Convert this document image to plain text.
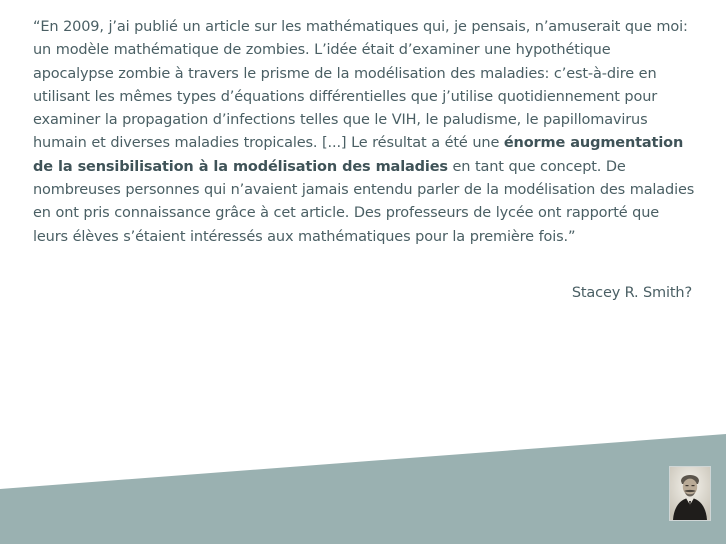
“En 2009, j’ai publié un article sur les mathématiques qui, je pensais, n’amuserait que moi: un modèle mathématique de zombies. L’idée était d’examiner une hypothétique apocalypse zombie à travers le prisme de la modélisation des maladies: c’est-à-dire en utilisant les mêmes types d’équations différentielles que j’utilise quotidiennement pour examiner la propagation d’infections telles que le VIH, le paludisme, le papillomavirus humain et diverses maladies tropicales. [...] Le résultat a été une énorme augmentation de la sensibilisation à la modélisation des maladies en tant que concept. De nombreuses personnes qui n’avaient jamais entendu parler de la modélisation des maladies en ont pris connaissance grâce à cet article. Des professeurs de lycée ont rapporté que leurs élèves s’étaient intéressés aux mathématiques pour la première fois.”

Stacey R. Smith?
